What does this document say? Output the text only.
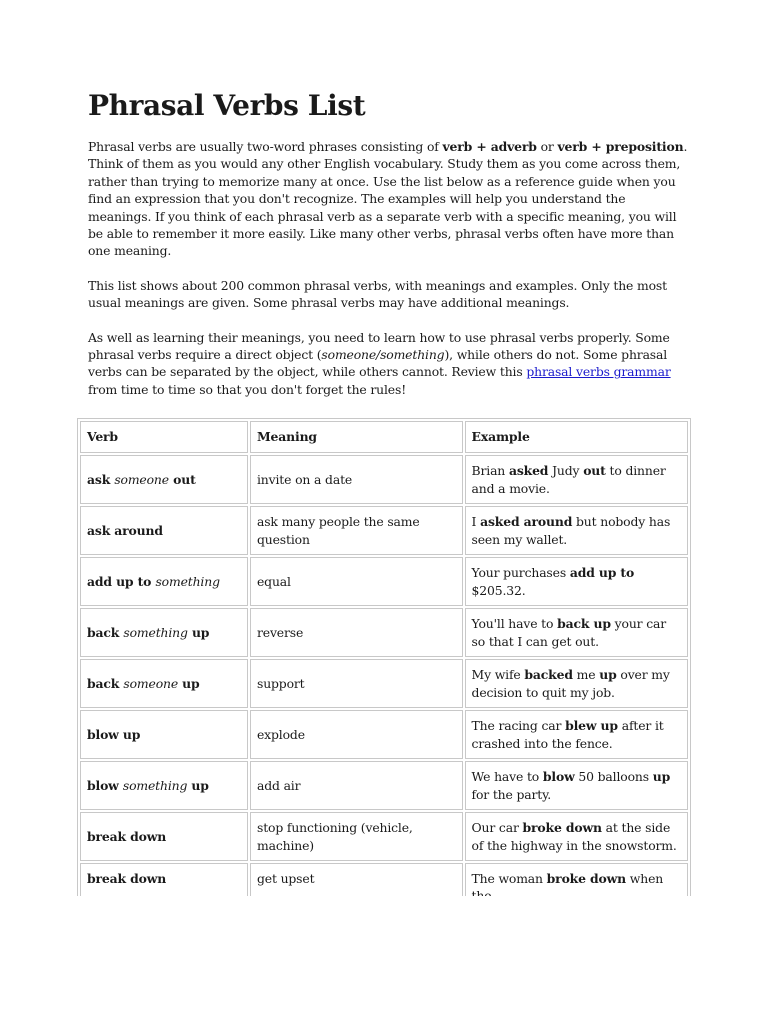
Phrasal Verbs List

Phrasal verbs are usually two-word phrases consisting of verb + adverb or verb + preposition. Think of them as you would any other English vocabulary. Study them as you come across them, rather than trying to memorize many at once. Use the list below as a reference guide when you find an expression that you don't recognize. The examples will help you understand the meanings. If you think of each phrasal verb as a separate verb with a specific meaning, you will be able to remember it more easily. Like many other verbs, phrasal verbs often have more than one meaning.

This list shows about 200 common phrasal verbs, with meanings and examples. Only the most usual meanings are given. Some phrasal verbs may have additional meanings.

As well as learning their meanings, you need to learn how to use phrasal verbs properly. Some phrasal verbs require a direct object (someone/something), while others do not. Some phrasal verbs can be separated by the object, while others cannot. Review this phrasal verbs grammar from time to time so that you don't forget the rules!

Verb	Meaning	Example
ask someone out	invite on a date	Brian asked Judy out to dinner and a movie.
ask around	ask many people the same question	I asked around but nobody has seen my wallet.
add up to something	equal	Your purchases add up to $205.32.
back something up	reverse	You'll have to back up your car so that I can get out.
back someone up	support	My wife backed me up over my decision to quit my job.
blow up	explode	The racing car blew up after it crashed into the fence.
blow something up	add air	We have to blow 50 balloons up for the party.
break down	stop functioning (vehicle, machine)	Our car broke down at the side of the highway in the snowstorm.
break down	get upset	The woman broke down when
